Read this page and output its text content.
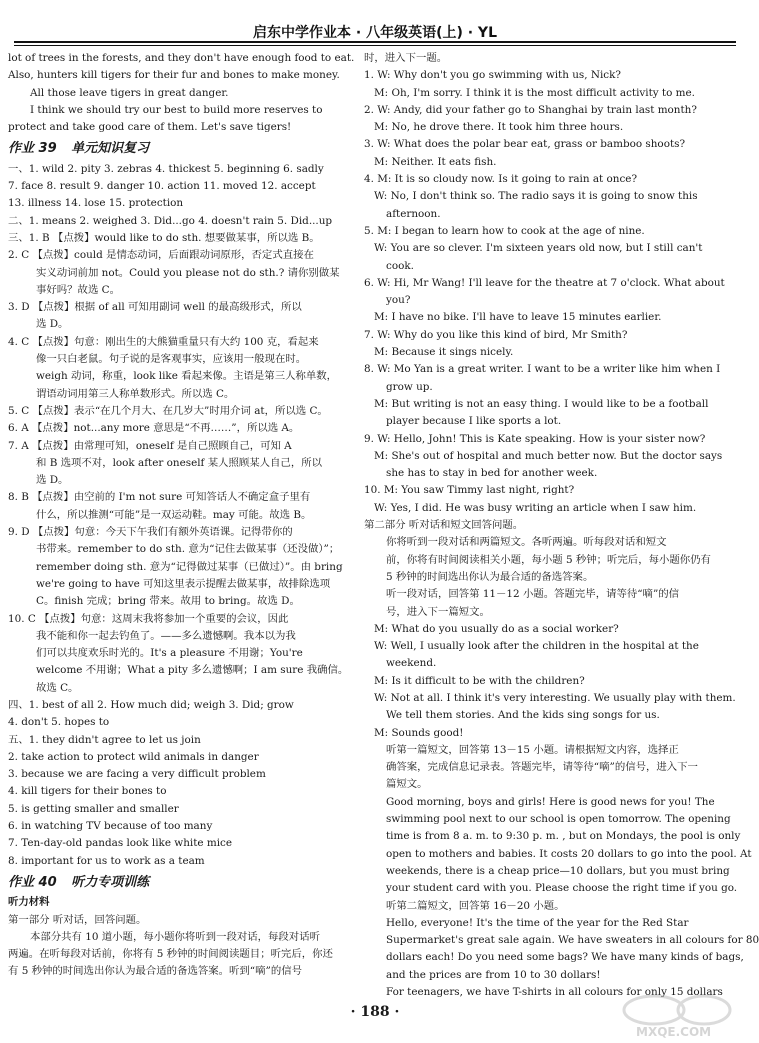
启东中学作业本 · 八年级英语(上) · YL

lot of trees in the forests, and they don't have enough food to eat.

Also, hunters kill tigers for their fur and bones to make money.

All those leave tigers in great danger.

I think we should try our best to build more reserves to

protect and take good care of them. Let's save tigers!

作业 39 单元知识复习

一、1. wild 2. pity 3. zebras 4. thickest 5. beginning 6. sadly

7. face 8. result 9. danger 10. action 11. moved 12. accept

13. illness 14. lose 15. protection

二、1. means 2. weighed 3. Did...go 4. doesn't rain 5. Did...up

三、1. B 【点拨】would like to do sth. 想要做某事，所以选 B。

2. C 【点拨】could 是情态动词，后面跟动词原形，否定式直接在

实义动词前加 not。Could you please not do sth.? 请你别做某

事好吗？故选 C。

3. D 【点拨】根据 of all 可知用副词 well 的最高级形式，所以

选 D。

4. C 【点拨】句意：刚出生的大熊猫重量只有大约 100 克，看起来

像一只白老鼠。句子说的是客观事实，应该用一般现在时。

weigh 动词，称重，look like 看起来像。主语是第三人称单数，

谓语动词用第三人称单数形式。所以选 C。

5. C 【点拨】表示“在几个月大、在几岁大”时用介词 at，所以选 C。

6. A 【点拨】not...any more 意思是“不再……”，所以选 A。

7. A 【点拨】由常理可知，oneself 是自己照顾自己，可知 A

和 B 选项不对，look after oneself 某人照顾某人自己，所以

选 D。

8. B 【点拨】由空前的 I'm not sure 可知答话人不确定盒子里有

什么，所以推测“可能”是一双运动鞋。may 可能。故选 B。

9. D 【点拨】句意：今天下午我们有额外英语课。记得带你的

书带来。remember to do sth. 意为“记住去做某事（还没做）”；

remember doing sth. 意为“记得做过某事（已做过）”。由 bring

we're going to have 可知这里表示提醒去做某事，故排除选项

C。finish 完成；bring 带来。故用 to bring。故选 D。

10. C 【点拨】句意：这周末我将参加一个重要的会议，因此

我不能和你一起去钓鱼了。——多么遗憾啊。我本以为我

们可以共度欢乐时光的。It's a pleasure 不用谢；You're

welcome 不用谢；What a pity 多么遗憾啊；I am sure 我确信。

故选 C。

四、1. best of all 2. How much did; weigh 3. Did; grow

4. don't 5. hopes to

五、1. they didn't agree to let us join

2. take action to protect wild animals in danger

3. because we are facing a very difficult problem

4. kill tigers for their bones to

5. is getting smaller and smaller

6. in watching TV because of too many

7. Ten-day-old pandas look like white mice

8. important for us to work as a team

作业 40 听力专项训练

听力材料

第一部分 听对话，回答问题。

本部分共有 10 道小题，每小题你将听到一段对话，每段对话听

两遍。在听每段对话前，你将有 5 秒钟的时间阅读题目；听完后，你还

有 5 秒钟的时间选出你认为最合适的备选答案。听到“嘀”的信号

时，进入下一题。

1. W: Why don't you go swimming with us, Nick?

M: Oh, I'm sorry. I think it is the most difficult activity to me.

2. W: Andy, did your father go to Shanghai by train last month?

M: No, he drove there. It took him three hours.

3. W: What does the polar bear eat, grass or bamboo shoots?

M: Neither. It eats fish.

4. M: It is so cloudy now. Is it going to rain at once?

W: No, I don't think so. The radio says it is going to snow this

afternoon.

5. M: I began to learn how to cook at the age of nine.

W: You are so clever. I'm sixteen years old now, but I still can't

cook.

6. W: Hi, Mr Wang! I'll leave for the theatre at 7 o'clock. What about

you?

M: I have no bike. I'll have to leave 15 minutes earlier.

7. W: Why do you like this kind of bird, Mr Smith?

M: Because it sings nicely.

8. W: Mo Yan is a great writer. I want to be a writer like him when I

grow up.

M: But writing is not an easy thing. I would like to be a football

player because I like sports a lot.

9. W: Hello, John! This is Kate speaking. How is your sister now?

M: She's out of hospital and much better now. But the doctor says

she has to stay in bed for another week.

10. M: You saw Timmy last night, right?

W: Yes, I did. He was busy writing an article when I saw him.

第二部分 听对话和短文回答问题。

你将听到一段对话和两篇短文。各听两遍。听每段对话和短文

前，你将有时间阅读相关小题，每小题 5 秒钟；听完后，每小题你仍有

5 秒钟的时间选出你认为最合适的备选答案。

听一段对话，回答第 11－12 小题。答题完毕，请等待“嘀”的信

号，进入下一篇短文。

M: What do you usually do as a social worker?

W: Well, I usually look after the children in the hospital at the

weekend.

M: Is it difficult to be with the children?

W: Not at all. I think it's very interesting. We usually play with them.

We tell them stories. And the kids sing songs for us.

M: Sounds good!

听第一篇短文，回答第 13－15 小题。请根据短文内容，选择正

确答案，完成信息记录表。答题完毕，请等待“嘀”的信号，进入下一

篇短文。

Good morning, boys and girls! Here is good news for you! The

swimming pool next to our school is open tomorrow. The opening

time is from 8 a. m. to 9:30 p. m. , but on Mondays, the pool is only

open to mothers and babies. It costs 20 dollars to go into the pool. At

weekends, there is a cheap price—10 dollars, but you must bring

your student card with you. Please choose the right time if you go.

听第二篇短文，回答第 16－20 小题。

Hello, everyone! It's the time of the year for the Red Star

Supermarket's great sale again. We have sweaters in all colours for 80

dollars each! Do you need some bags? We have many kinds of bags,

and the prices are from 10 to 30 dollars!

For teenagers, we have T-shirts in all colours for only 15 dollars

· 188 ·
MXQE.COM
